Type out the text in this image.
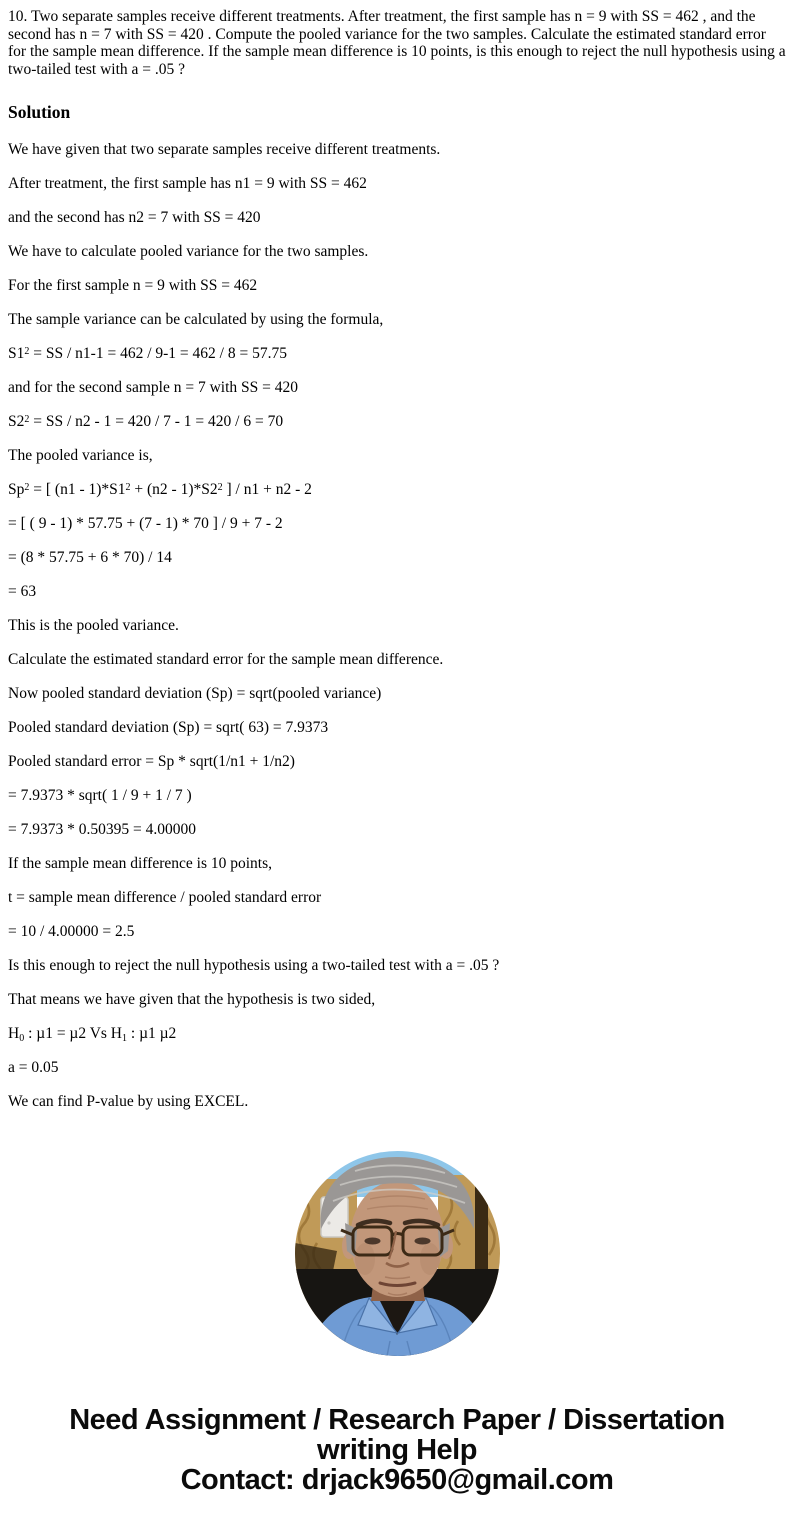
10. Two separate samples receive different treatments. After treatment, the first sample has n = 9 with SS = 462 , and the second has n = 7 with SS = 420 . Compute the pooled variance for the two samples. Calculate the estimated standard error for the sample mean difference. If the sample mean difference is 10 points, is this enough to reject the null hypothesis using a two-tailed test with a = .05 ?

Solution

We have given that two separate samples receive different treatments.

After treatment, the first sample has n1 = 9 with SS = 462

and the second has n2 = 7 with SS = 420

We have to calculate pooled variance for the two samples.

For the first sample n = 9 with SS = 462

The sample variance can be calculated by using the formula,

$S1^2$ = SS / n1-1 = 462 / 9-1 = 462 / 8 = 57.75

and for the second sample n = 7 with SS = 420

$S2^2$ = SS / n2 - 1 = 420 / 7 - 1 = 420 / 6 = 70

The pooled variance is,

$Sp^2$ = [ $(n1 - 1)*S1^2 + (n2 - 1)*S2^2$ ] / n1 + n2 - 2

= [ ( 9 - 1) * 57.75 + (7 - 1) * 70 ] / 9 + 7 - 2

= (8 * 57.75 + 6 * 70) / 14

= 63

This is the pooled variance.

Calculate the estimated standard error for the sample mean difference.

Now pooled standard deviation (Sp) = sqrt(pooled variance)

Pooled standard deviation (Sp) = sqrt( 63) = 7.9373

Pooled standard error = Sp * sqrt(1/n1 + 1/n2)

= 7.9373 * sqrt( 1 / 9 + 1 / 7 )

= 7.9373 * 0.50395 = 4.00000

If the sample mean difference is 10 points,

t = sample mean difference / pooled standard error

= 10 / 4.00000 = 2.5

Is this enough to reject the null hypothesis using a two-tailed test with a = .05 ?

That means we have given that the hypothesis is two sided,

$H_0$ : µ1 = µ2 Vs $H_1$ : µ1 µ2

a = 0.05

We can find P-value by using EXCEL.

Need Assignment / Research Paper / Dissertation
writing Help
Contact: drjack9650@gmail.com
